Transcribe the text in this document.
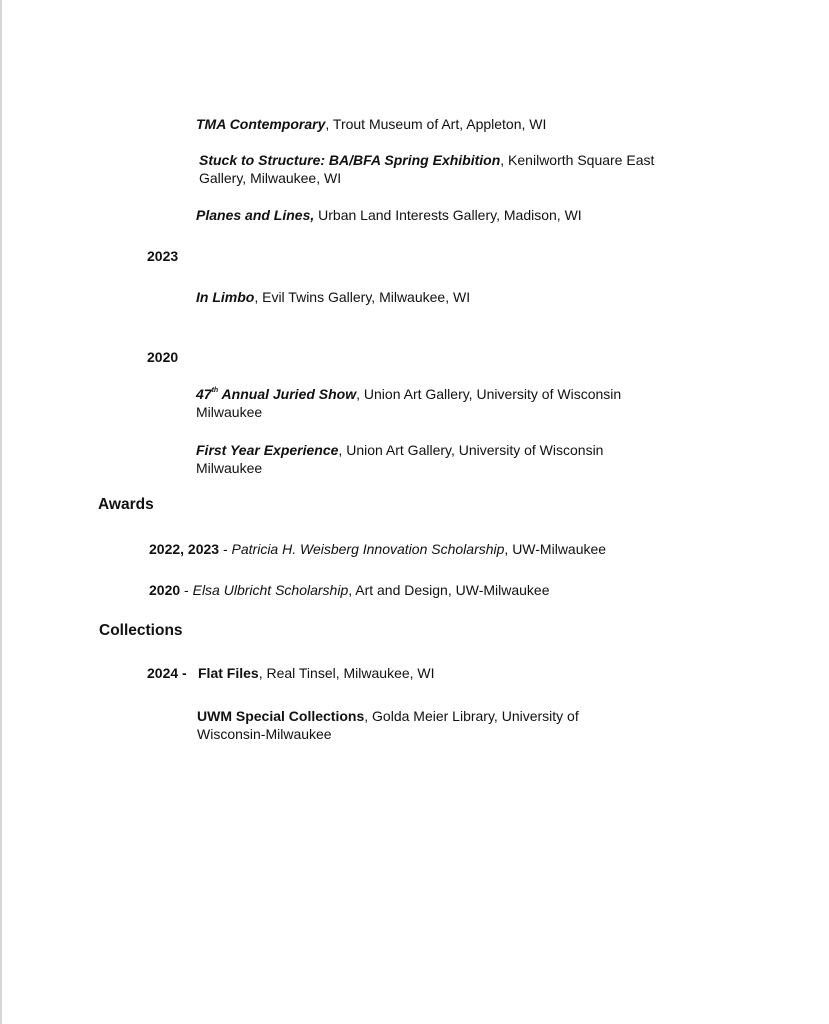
TMA Contemporary, Trout Museum of Art, Appleton, WI
Stuck to Structure: BA/BFA Spring Exhibition, Kenilworth Square East Gallery, Milwaukee, WI
Planes and Lines, Urban Land Interests Gallery, Madison, WI
2023
In Limbo, Evil Twins Gallery, Milwaukee, WI
2020
47th Annual Juried Show, Union Art Gallery, University of Wisconsin Milwaukee
First Year Experience, Union Art Gallery, University of Wisconsin Milwaukee
Awards
2022, 2023 - Patricia H. Weisberg Innovation Scholarship, UW-Milwaukee
2020 - Elsa Ulbricht Scholarship, Art and Design, UW-Milwaukee
Collections
2024 - Flat Files, Real Tinsel, Milwaukee, WI
UWM Special Collections, Golda Meier Library, University of Wisconsin-Milwaukee
